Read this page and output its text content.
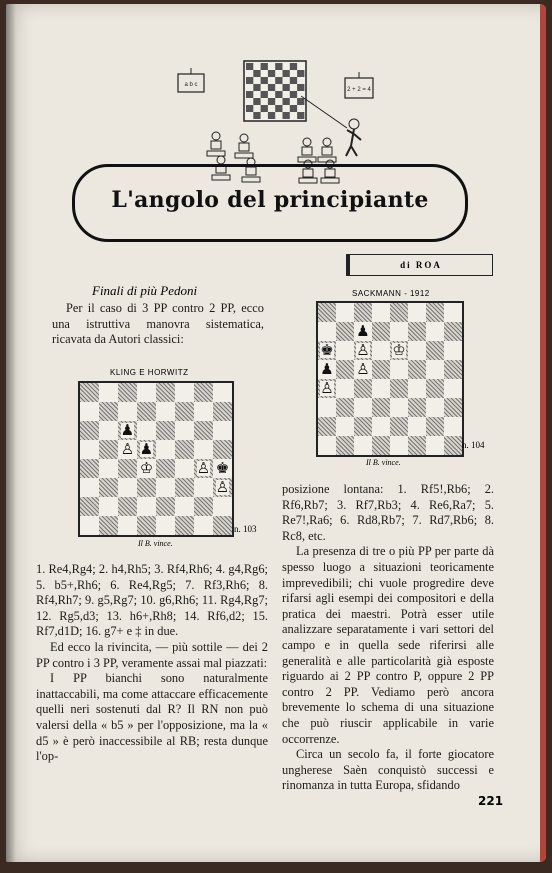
a b c
2 + 2 = 4
L'angolo del principiante
di ROA
Finali di più Pedoni

Per il caso di 3 PP contro 2 PP, ecco una istruttiva manovra sistematica, ricavata da Autori classici:

KLING E HORWITZ
♟
♙ ♟
♔	♙ ♚
♙
n. 103
Il B. vince.

1. Re4,Rg4; 2. h4,Rh5; 3. Rf4,Rh6; 4. g4,Rg6; 5. b5+,Rh6; 6. Re4,Rg5; 7. Rf3,Rh6; 8. Rf4,Rh7; 9. g5,Rg7; 10. g6,Rh6; 11. Rg4,Rg7; 12. Rg5,d3; 13. h6+,Rh8; 14. Rf6,d2; 15. Rf7,d1D; 16. g7+ e ‡ in due.

Ed ecco la rivincita, — più sottile — dei 2 PP contro i 3 PP, veramente assai mal piazzati:

I PP bianchi sono naturalmente inattaccabili, ma come attaccare efficacemente quelli neri sostenuti dal R? Il RN non può valersi della « b5 » per l'opposizione, ma la « d5 » è però inaccessibile al RB; resta dunque l'op-

SACKMANN - 1912
♟
♚ ♙ ♔
♟ ♙
♙
n. 104
Il B. vince.

posizione lontana: 1. Rf5!,Rb6; 2. Rf6,Rb7; 3. Rf7,Rb3; 4. Re6,Ra7; 5. Re7!,Ra6; 6. Rd8,Rb7; 7. Rd7,Rb6; 8. Rc8, etc.

La presenza di tre o più PP per parte dà spesso luogo a situazioni teoricamente imprevedibili; chi vuole progredire deve rifarsi agli esempi dei compositori e della pratica dei maestri. Potrà esser utile analizzare separatamente i vari settori del campo e in quella sede riferirsi alle generalità e alle particolarità già esposte riguardo ai 2 PP contro P, oppure 2 PP contro 2 PP. Vediamo però ancora brevemente lo schema di una situazione che può riuscir applicabile in varie occorrenze.

Circa un secolo fa, il forte giocatore ungherese Saèn conquistò successi e rinomanza in tutta Europa, sfidando

221
